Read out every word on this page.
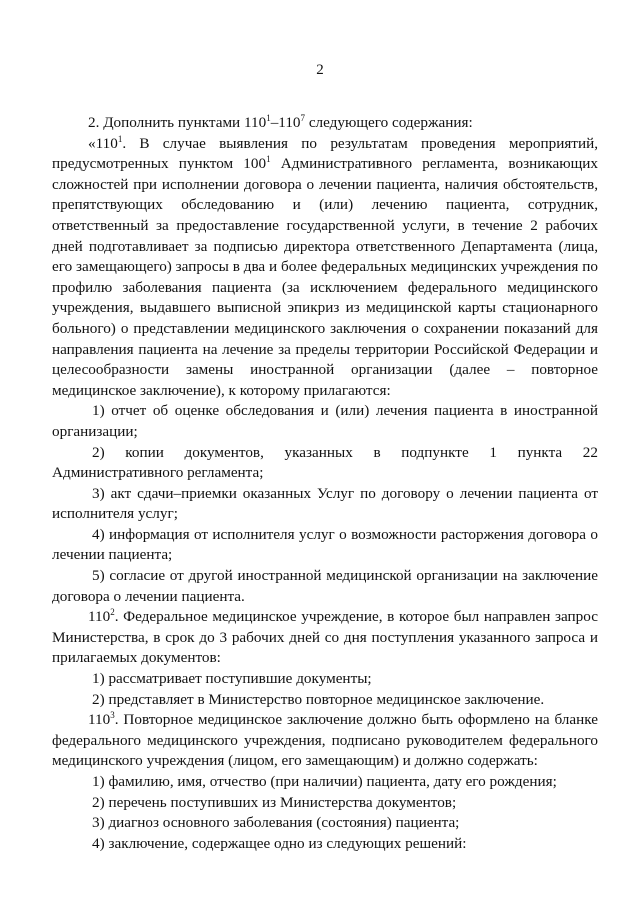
2

2. Дополнить пунктами $110^1-110^7$ следующего содержания:

«$110^1$. В случае выявления по результатам проведения мероприятий, предусмотренных пунктом $100^1$ Административного регламента, возникающих сложностей при исполнении договора о лечении пациента, наличия обстоятельств, препятствующих обследованию и (или) лечению пациента, сотрудник, ответственный за предоставление государственной услуги, в течение 2 рабочих дней подготавливает за подписью директора ответственного Департамента (лица, его замещающего) запросы в два и более федеральных медицинских учреждения по профилю заболевания пациента (за исключением федерального медицинского учреждения, выдавшего выписной эпикриз из медицинской карты стационарного больного) о представлении медицинского заключения о сохранении показаний для направления пациента на лечение за пределы территории Российской Федерации и целесообразности замены иностранной организации (далее – повторное медицинское заключение), к которому прилагаются:

1) отчет об оценке обследования и (или) лечения пациента в иностранной организации;

2) копии документов, указанных в подпункте 1 пункта 22 Административного регламента;

3) акт сдачи–приемки оказанных Услуг по договору о лечении пациента от исполнителя услуг;

4) информация от исполнителя услуг о возможности расторжения договора о лечении пациента;

5) согласие от другой иностранной медицинской организации на заключение договора о лечении пациента.

$110^2$. Федеральное медицинское учреждение, в которое был направлен запрос Министерства, в срок до 3 рабочих дней со дня поступления указанного запроса и прилагаемых документов:

1) рассматривает поступившие документы;

2) представляет в Министерство повторное медицинское заключение.

$110^3$. Повторное медицинское заключение должно быть оформлено на бланке федерального медицинского учреждения, подписано руководителем федерального медицинского учреждения (лицом, его замещающим) и должно содержать:

1) фамилию, имя, отчество (при наличии) пациента, дату его рождения;

2) перечень поступивших из Министерства документов;

3) диагноз основного заболевания (состояния) пациента;

4) заключение, содержащее одно из следующих решений:
